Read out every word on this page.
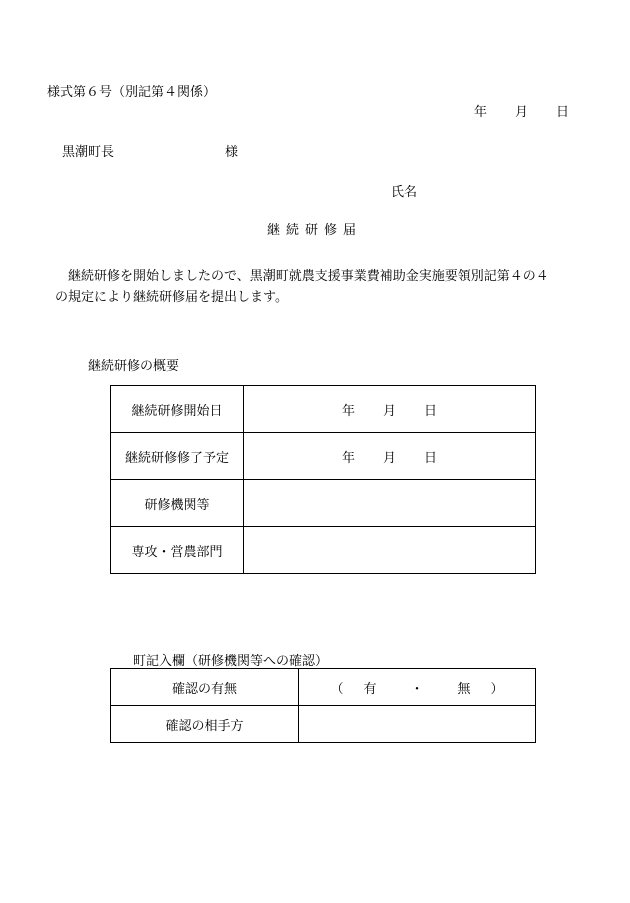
様式第６号（別記第４関係）
年 月 日
黒潮町長	様
氏名
継続研修届
　継続研修を開始しましたので、黒潮町就農支援事業費補助金実施要領別記第４の４
の規定により継続研修届を提出します。
継続研修の概要
継続研修開始日	年 月 日
継続研修修了予定	年 月 日
研修機関等	
専攻・営農部門	
町記入欄（研修機関等への確認）
確認の有無	（ 有 ・ 無 ）
確認の相手方	
